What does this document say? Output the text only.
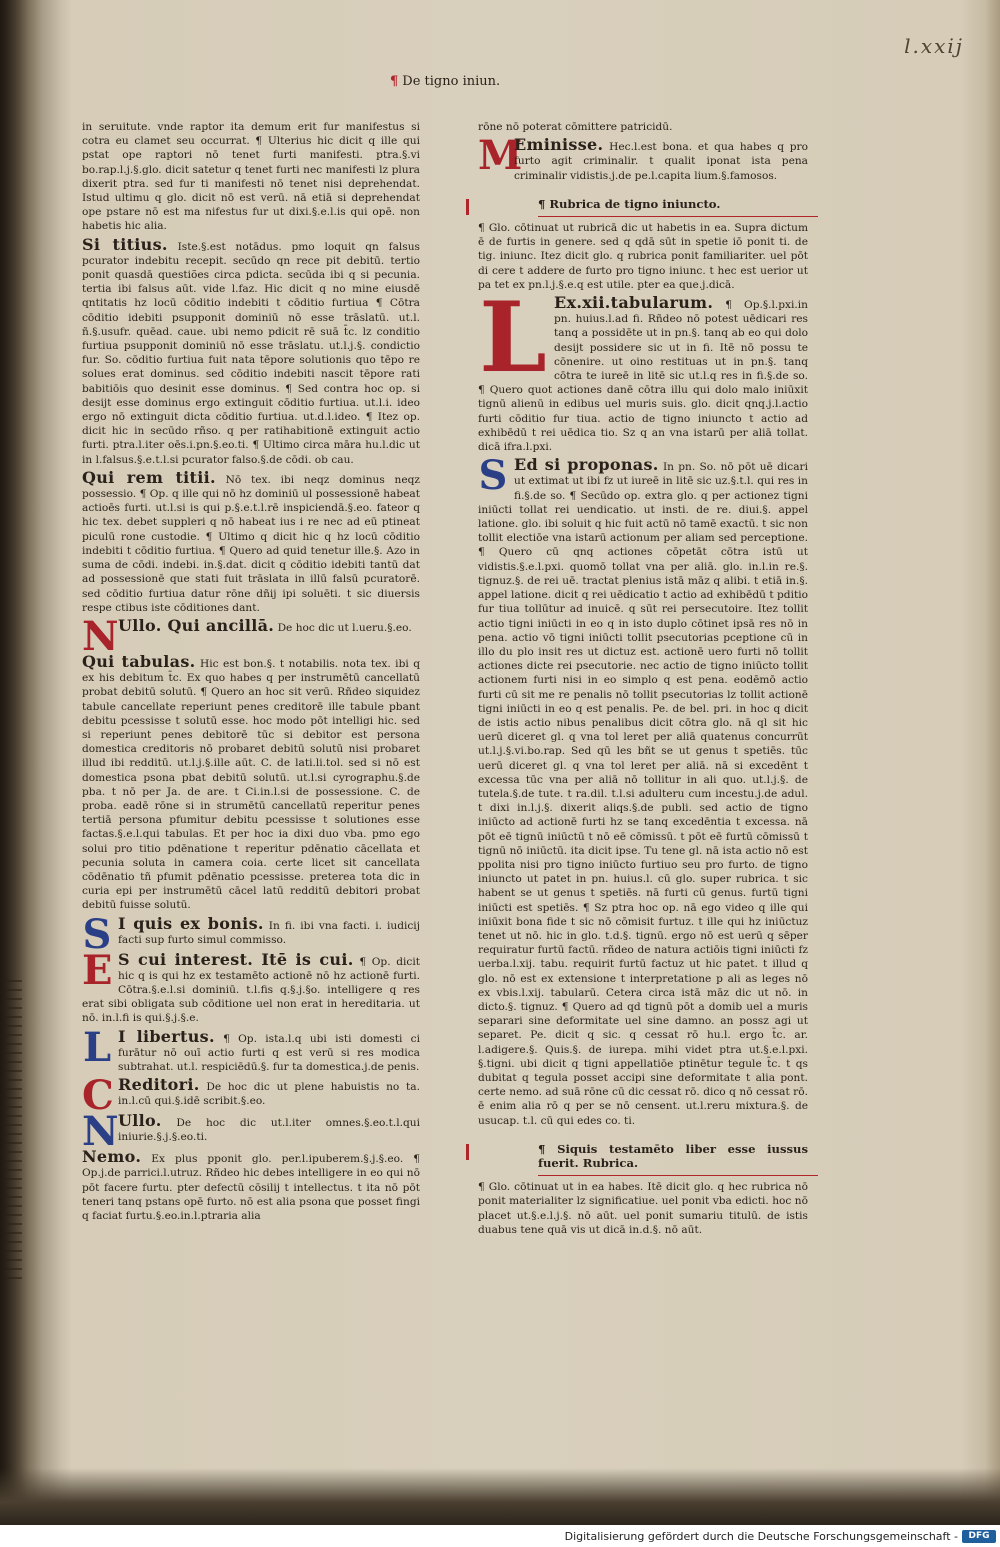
l.xxij
¶ De tigno iniun.

in seruitute. vnde raptor ita demum erit fur manifestus si cotra eu clamet seu occurrat. ¶ Ulterius hic dicit q ille qui pstat ope raptori nō tenet furti manifesti. ptra.§.vi bo.rap.l.j.§.glo. dicit satetur q tenet furti nec manifesti lz plura dixerit ptra. sed fur ti manifesti nō tenet nisi deprehendat. Istud ultimu q glo. dicit nō est verū. nā etiā si deprehendat ope pstare nō est ma nifestus fur ut dixi.§.e.l.is qui opē. non habetis hic alia.

Si titius. Iste.§.est notādus. pmo loquit qn falsus pcurator indebitu recepit. secūdo qn rece pit debitū. tertio ponit quasdā questiões circa pdicta. secūda ibi q si pecunia. tertia ibi falsus aūt. vide l.faz. Hic dicit q no mine eiusdē qntitatis hz locū cōditio indebiti t cōditio furtiua ¶ Cōtra cōditio idebiti psupponit dominiū nō esse trāslatū. ut.l. ñ.§.usufr. quēad. caue. ubi nemo pdicit rē suā t̄c. lz conditio furtiua psupponit dominiū nō esse trāslatu. ut.l.j.§. condictio fur. So. cōditio furtiua fuit nata tēpore solutionis quo tēpo re solues erat dominus. sed cōditio indebiti nascit tēpore rati babitiōis quo desinit esse dominus. ¶ Sed contra hoc op. si desijt esse dominus ergo extinguit cōditio furtiua. ut.l.i. ideo ergo nō extinguit dicta cōditio furtiua. ut.d.l.ideo. ¶ Itez op. dicit hic in secūdo rñso. q per ratihabitionē extinguit actio furti. ptra.l.iter oēs.i.pn.§.eo.ti. ¶ Ultimo circa māra hu.l.dic ut in l.falsus.§.e.t.l.si pcurator falso.§.de cōdi. ob cau.

Qui rem titii. Nō tex. ibi neqz dominus neqz possessio. ¶ Op. q ille qui nō hz dominiū ul possessionē habeat actioēs furti. ut.l.si is qui p.§.e.t.l.rē inspiciendā.§.eo. fateor q hic tex. debet suppleri q nō habeat ius i re nec ad eū ptineat piculū rone custodie. ¶ Ultimo q dicit hic q hz locū cōditio indebiti t cōditio furtiua. ¶ Quero ad quid tenetur ille.§. Azo in suma de cōdi. indebi. in.§.dat. dicit q cōditio idebiti tantū dat ad possessionē que stati fuit trāslata in illū falsū pcuratorē. sed cōditio furtiua datur rōne dñij ipi soluēti. t sic diuersis respe ctibus iste cōditiones dant.

N Ullo. Qui ancillā. De hoc dic ut l.ueru.§.eo.

Qui tabulas. Hic est bon.§. t notabilis. nota tex. ibi q ex his debitum t̄c. Ex quo habes q per instrumētū cancellatū probat debitū solutū. ¶ Quero an hoc sit verū. Rñdeo siquidez tabule cancellate reperiunt penes creditorē ille tabule pbant debitu pcessisse t solutū esse. hoc modo pōt intelligi hic. sed si reperiunt penes debitorē tūc si debitor est persona domestica creditoris nō probaret debitū solutū nisi probaret illud ibi redditū. ut.l.j.§.ille aūt. C. de lati.li.tol. sed si nō est domestica psona pbat debitū solutū. ut.l.si cyrographu.§.de pba. t nō per Ja. de are. t Ci.in.l.si de possessione. C. de proba. eadē rōne si in strumētū cancellatū reperitur penes tertiā persona pfumitur debitu pcessisse t solutiones esse factas.§.e.l.qui tabulas. Et per hoc ia dixi duo vba. pmo ego solui pro titio pdēnatione t reperitur pdēnatio cācellata et pecunia soluta in camera coia. certe licet sit cancellata cōdēnatio tñ pfumit pdēnatio pcessisse. preterea tota dic in curia epi per instrumētū cācel latū redditū debitori probat debitū fuisse solutū.

S I quis ex bonis. In fi. ibi vna facti. i. iudicij facti sup furto simul commisso.

E S cui interest. Itē is cui. ¶ Op. dicit hic q is qui hz ex testamēto actionē nō hz actionē furti. Cōtra.§.e.l.si dominiū. t.l.fis q.§.j.§o. intelligere q res erat sibi obligata sub cōditione uel non erat in hereditaria. ut nō. in.l.fi is qui.§.j.§.e.

L I libertus. ¶ Op. ista.l.q ubi isti domesti ci furātur nō ouī actio furti q est verū si res modica subtrahat. ut.l. respiciēdū.§. fur ta domestica.j.de penis.

C Reditori. De hoc dic ut plene habuistis no ta. in.l.cū qui.§.idē scribit.§.eo.

N Ullo. De hoc dic ut.l.iter omnes.§.eo.t.l.qui iniurie.§.j.§.eo.ti.

Nemo. Ex plus pponit glo. per.l.ipuberem.§.j.§.eo. ¶ Op.j.de parrici.l.utruz. Rñdeo hic debes intelligere in eo qui nō pōt facere furtu. pter defectū cōsilij t intellectus. t ita nō pōt teneri tanq pstans opē furto. nō est alia psona que posset fingi q faciat furtu.§.eo.in.l.ptraria alia

rōne nō poterat cōmittere patricidū.

M
Eminisse. Hec.l.est bona. et qua habes q pro furto agit criminalir. t qualit iponat ista pena criminalir vidistis.j.de pe.l.capita lium.§.famosos.

¶ Rubrica de tigno iniuncto.

¶ Glo. cōtinuat ut rubricā dic ut habetis in ea. Supra dictum ē de furtis in genere. sed q qdā sūt in spetie iō ponit ti. de tig. iniunc. Itez dicit glo. q rubrica ponit familiariter. uel pōt di cere t addere de furto pro tigno iniunc. t hec est uerior ut pa tet ex pn.l.j.§.e.q est utile. pter ea que.j.dicā.

L Ex.xii.tabularum. ¶ Op.§.l.pxi.in pn. huius.l.ad fi. Rñdeo nō potest uēdicari res tanq a possidēte ut in pn.§. tanq ab eo qui dolo desijt possidere sic ut in fi. Itē nō possu te cōnenire. ut oino restituas ut in pn.§. tanq cōtra te iureē in litē sic ut.l.q res in fi.§.de so. ¶ Quero quot actiones danē cōtra illu qui dolo malo iniūxit tignū alienū in edibus uel muris suis. glo. dicit qnq.j.l.actio furti cōditio fur tiua. actio de tigno iniuncto t actio ad exhibēdū t rei uēdica tio. Sz q an vna istarū per aliā tollat. dicā ifra.l.pxi.

S Ed si proponas. In pn. So. nō pōt uē dicari ut extimat ut ibi fz ut iureē in litē sic uz.§.t.l. qui res in fi.§.de so. ¶ Secūdo op. extra glo. q per actionez tigni iniūcti tollat rei uendicatio. ut insti. de re. diui.§. appel latione. glo. ibi soluit q hic fuit actū nō tamē exactū. t sic non tollit electiōe vna istarū actionum per aliam sed perceptione. ¶ Quero cū qnq actiones cōpetāt cōtra istū ut vidistis.§.e.l.pxi. quomō tollat vna per aliā. glo. in.l.in re.§. tignuz.§. de rei uē. tractat plenius istā māz q alibi. t etiā in.§. appel latione. dicit q rei uēdicatio t actio ad exhibēdū t pditio fur tiua tollūtur ad inuicē. q sūt rei persecutoire. Itez tollit actio tigni iniūcti in eo q in isto duplo cōtinet ipsā res nō in pena. actio vō tigni iniūcti tollit psecutorias pceptione cū in illo du plo insit res ut dictuz est. actionē uero furti nō tollit actiones dicte rei psecutorie. nec actio de tigno iniūcto tollit actionem furti nisi in eo simplo q est pena. eodēmō actio furti cū sit me re penalis nō tollit psecutorias lz tollit actionē tigni iniūcti in eo q est penalis. Pe. de bel. pri. in hoc q dicit de istis actio nibus penalibus dicit cōtra glo. nā ql sit hic uerū diceret gl. q vna tol leret per aliā quatenus concurrūt ut.l.j.§.vi.bo.rap. Sed qū les bñt se ut genus t spetiēs. tūc uerū diceret gl. q vna tol leret per aliā. nā si excedēnt t excessa tūc vna per aliā nō tollitur in ali quo. ut.l.j.§. de tutela.§.de tute. t ra.dil. t.l.si adulteru cum incestu.j.de adul. t dixi in.l.j.§. dixerit aliqs.§.de publi. sed actio de tigno iniūcto ad actionē furti hz se tanq excedēntia t excessa. nā pōt eē tignū iniūctū t nō eē cōmissū. t pōt eē furtū cōmissū t tignū nō iniūctū. ita dicit ipse. Tu tene gl. nā ista actio nō est ppolita nisi pro tigno iniūcto furtiuo seu pro furto. de tigno iniuncto ut patet in pn. huius.l. cū glo. super rubrica. t sic habent se ut genus t spetiēs. nā furti cū genus. furtū tigni iniūcti est spetiēs. ¶ Sz ptra hoc op. nā ego video q ille qui iniūxit bona fide t sic nō cōmisit furtuz. t ille qui hz iniūctuz tenet ut nō. hic in glo. t.d.§. tignū. ergo nō est uerū q sēper requiratur furtū factū. rñdeo de natura actiōis tigni iniūcti fz uerba.l.xij. tabu. requirit furtū factuz ut hic patet. t illud q glo. nō est ex extensione t interpretatione p ali as leges nō ex vbis.l.xij. tabularū. Cetera circa istā māz dic ut nō. in dicto.§. tignuz. ¶ Quero ad qd tignū pōt a domib uel a muris separari sine deformitate uel sine damno. an possz agi ut separet. Pe. dicit q sic. q cessat rō hu.l. ergo t̄c. ar. l.adigere.§. Quis.§. de iurepa. mihi videt ptra ut.§.e.l.pxi. §.tigni. ubi dicit q tigni appellatiōe ptinētur tegule t̄c. t qs dubitat q tegula posset accipi sine deformitate t alia pont. certe nemo. ad suā rōne cū dic cessat rō. dico q nō cessat rō. ē enim alia rō q per se nō censent. ut.l.reru mixtura.§. de usucap. t.l. cū qui edes co. ti.

¶ Siquis testamēto liber esse iussus fuerit. Rubrica.

¶ Glo. cōtinuat ut in ea habes. Itē dicit glo. q hec rubrica nō ponit materialiter lz significatiue. uel ponit vba edicti. hoc nō placet ut.§.e.l.j.§. nō aūt. uel ponit sumariu titulū. de istis duabus tene quā vis ut dicā in.d.§. nō aūt.

Digitalisierung gefördert durch die Deutsche Forschungsgemeinschaft -	DFG
